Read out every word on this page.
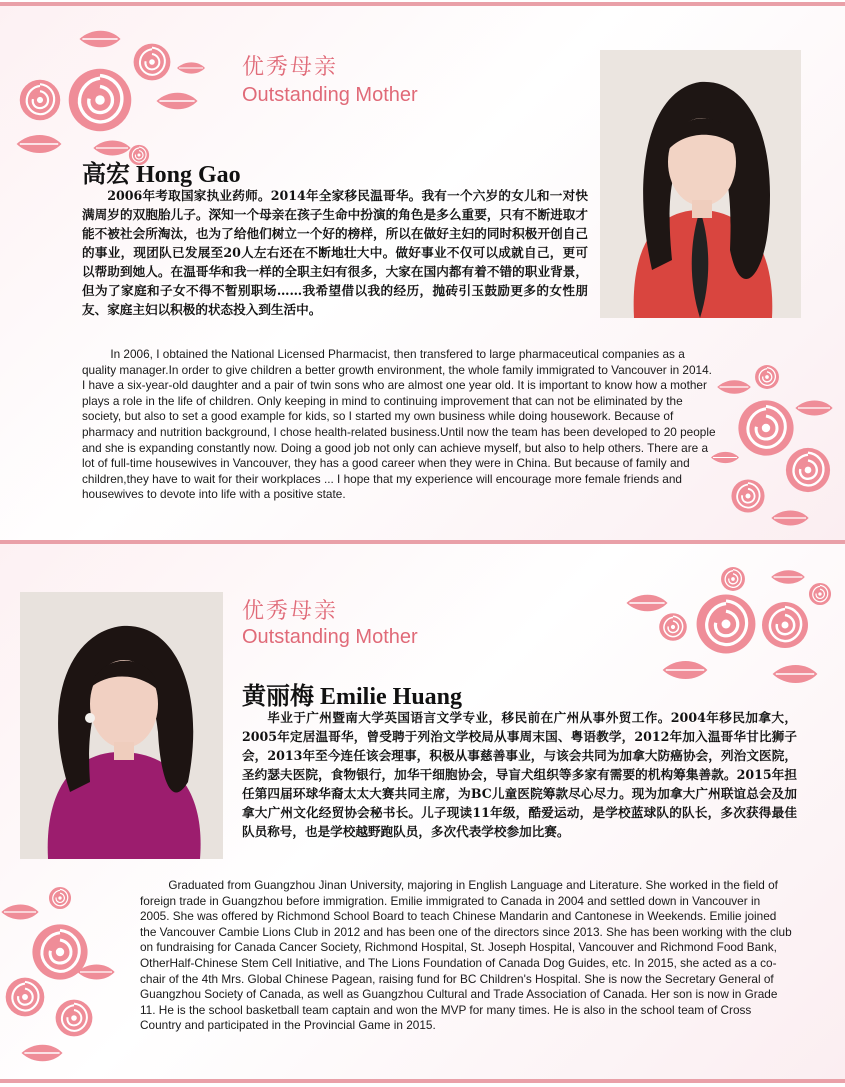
优秀母亲
Outstanding Mother
高宏 Hong Gao
2006年考取国家执业药师。2014年全家移民温哥华。我有一个六岁的女儿和一对快满周岁的双胞胎儿子。深知一个母亲在孩子生命中扮演的角色是多么重要，只有不断进取才能不被社会所淘汰，也为了给他们树立一个好的榜样，所以在做好主妇的同时积极开创自己的事业，现团队已发展至20人左右还在不断地壮大中。做好事业不仅可以成就自己，更可以帮助到她人。在温哥华和我一样的全职主妇有很多，大家在国内都有着不错的职业背景，但为了家庭和子女不得不暂别职场……我希望借以我的经历，抛砖引玉鼓励更多的女性朋友、家庭主妇以积极的状态投入到生活中。
In 2006, I obtained the National Licensed Pharmacist, then transfered to large pharmaceutical companies as a quality manager.In order to give children a better growth environment, the whole family immigrated to Vancouver in 2014. I have a six-year-old daughter and a pair of twin sons who are almost one year old. It is important to know how a mother plays a role in the life of children. Only keeping in mind to continuing improvement that can not be eliminated by the society, but also to set a good example for kids, so I started my own business while doing housework. Because of pharmacy and nutrition background, I chose health-related business.Until now the team has been developed to 20 people and she is expanding constantly now. Doing a good job not only can achieve myself, but also to help others. There are a lot of full-time housewives in Vancouver, they has a good career when they were in China. But because of family and children,they have to wait for their workplaces ... I hope that my experience will encourage more female friends and housewives to devote into life with a positive state.
优秀母亲
Outstanding Mother
黄丽梅 Emilie Huang
毕业于广州暨南大学英国语言文学专业，移民前在广州从事外贸工作。2004年移民加拿大，2005年定居温哥华，曾受聘于列治文学校局从事周末国、粤语教学，2012年加入温哥华甘比狮子会，2013年至今连任该会理事，积极从事慈善事业，与该会共同为加拿大防癌协会，列治文医院，圣约瑟夫医院，食物银行，加华干细胞协会，导盲犬组织等多家有需要的机构筹集善款。2015年担任第四届环球华裔太太大赛共同主席，为BC儿童医院筹款尽心尽力。现为加拿大广州联谊总会及加拿大广州文化经贸协会秘书长。儿子现读11年级，酷爱运动，是学校蓝球队的队长，多次获得最佳队员称号，也是学校越野跑队员，多次代表学校参加比赛。
Graduated from Guangzhou Jinan University, majoring in English Language and Literature. She worked in the field of foreign trade in Guangzhou before immigration. Emilie immigrated to Canada in 2004 and settled down in Vancouver in 2005. She was offered by Richmond School Board to teach Chinese Mandarin and Cantonese in Weekends. Emilie joined the Vancouver Cambie Lions Club in 2012 and has been one of the directors since 2013. She has been working with the club on fundraising for Canada Cancer Society, Richmond Hospital, St. Joseph Hospital, Vancouver and Richmond Food Bank, OtherHalf-Chinese Stem Cell Initiative, and The Lions Foundation of Canada Dog Guides, etc. In 2015, she acted as a co-chair of the 4th Mrs. Global Chinese Pagean, raising fund for BC Children's Hospital. She is now the Secretary General of Guangzhou Society of Canada, as well as Guangzhou Cultural and Trade Association of Canada. Her son is now in Grade 11. He is the school basketball team captain and won the MVP for many times. He is also in the school team of Cross Country and participated in the Provincial Game in 2015.
